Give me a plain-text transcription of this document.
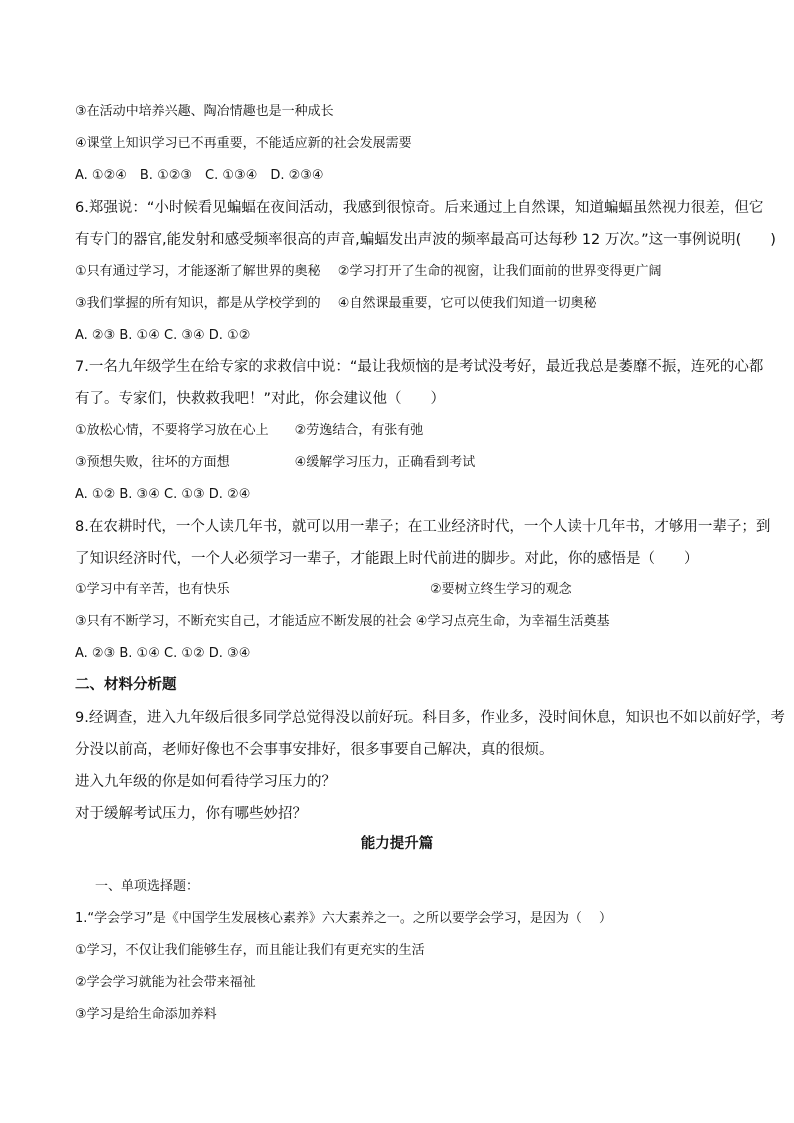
③在活动中培养兴趣、陶冶情趣也是一种成长
④课堂上知识学习已不再重要，不能适应新的社会发展需要
A. ①②④　B. ①②③　C. ①③④　D. ②③④
6.郑强说：“小时候看见蝙蝠在夜间活动，我感到很惊奇。后来通过上自然课，知道蝙蝠虽然视力很差，但它
有专门的器官,能发射和感受频率很高的声音,蝙蝠发出声波的频率最高可达每秒 12 万次。”这一事例说明(　　)
①只有通过学习，才能逐渐了解世界的奥秘　 ②学习打开了生命的视窗，让我们面前的世界变得更广阔
③我们掌握的所有知识，都是从学校学到的　 ④自然课最重要，它可以使我们知道一切奥秘
A. ②③ B. ①④ C. ③④ D. ①②
7.一名九年级学生在给专家的求救信中说：“最让我烦恼的是考试没考好，最近我总是萎靡不振，连死的心都
有了。专家们，快救救我吧！”对此，你会建议他（　　）
①放松心情，不要将学习放在心上　　②劳逸结合，有张有弛
③预想失败，往坏的方面想　　　　　④缓解学习压力，正确看到考试
A. ①② B. ③④ C. ①③ D. ②④
8.在农耕时代，一个人读几年书，就可以用一辈子；在工业经济时代，一个人读十几年书，才够用一辈子；到
了知识经济时代，一个人必须学习一辈子，才能跟上时代前进的脚步。对此，你的感悟是（　　）
①学习中有辛苦，也有快乐	②要树立终生学习的观念
③只有不断学习，不断充实自己，才能适应不断发展的社会 ④学习点亮生命，为幸福生活奠基
A. ②③ B. ①④ C. ①② D. ③④
二、材料分析题
9.经调查，进入九年级后很多同学总觉得没以前好玩。科目多，作业多，没时间休息，知识也不如以前好学，考
分没以前高，老师好像也不会事事安排好，很多事要自己解决，真的很烦。
进入九年级的你是如何看待学习压力的？
对于缓解考试压力，你有哪些妙招？
能力提升篇
一、单项选择题：
1.“学会学习”是《中国学生发展核心素养》六大素养之一。之所以要学会学习，是因为（　 ）
①学习，不仅让我们能够生存，而且能让我们有更充实的生活
②学会学习就能为社会带来福祉
③学习是给生命添加养料
